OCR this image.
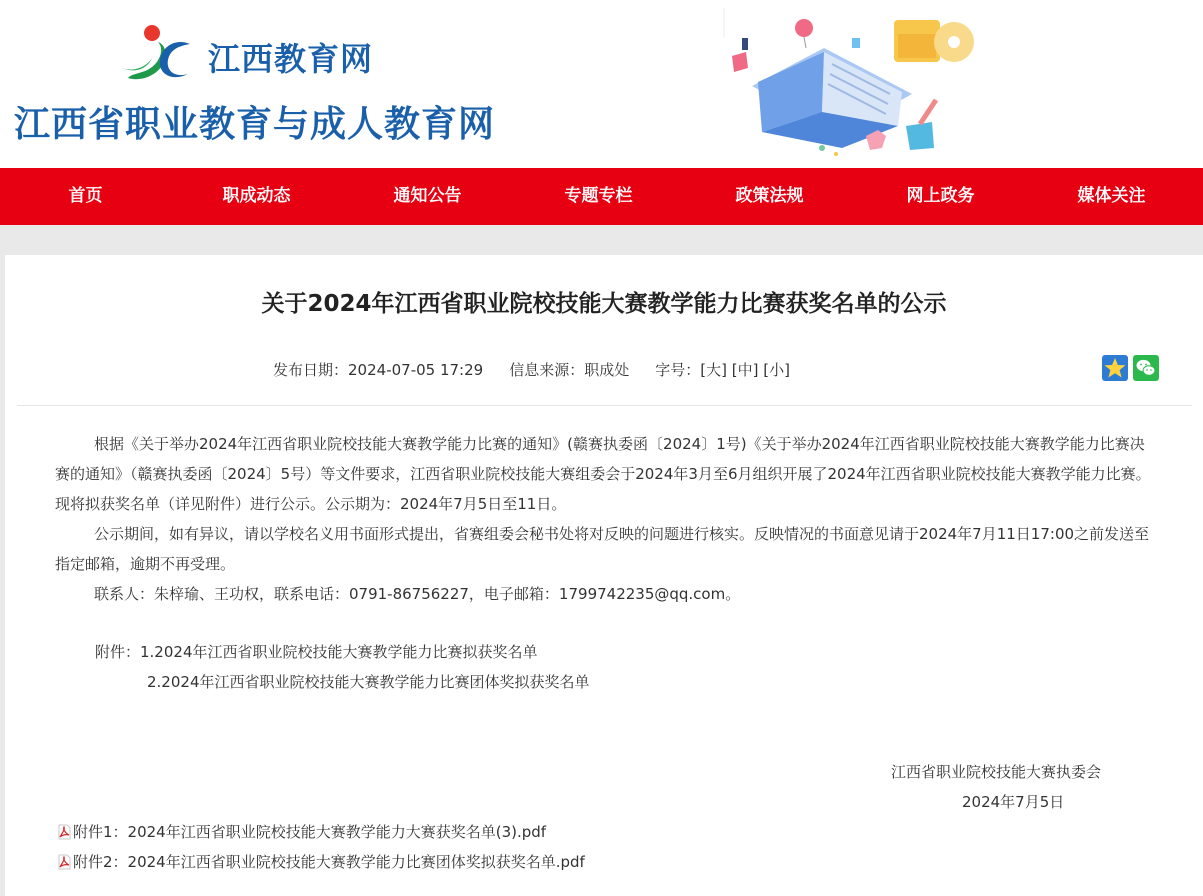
江西教育网
江西省职业教育与成人教育网
首页	职成动态	通知公告	专题专栏	政策法规	网上政务	媒体关注
关于2024年江西省职业院校技能大赛教学能力比赛获奖名单的公示
发布日期：2024-07-05 17:29 信息来源：职成处 字号：[大] [中] [小]

根据《关于举办2024年江西省职业院校技能大赛教学能力比赛的通知》(赣赛执委函〔2024〕1号)《关于举办2024年江西省职业院校技能大赛教学能力比赛决赛的通知》（赣赛执委函〔2024〕5号）等文件要求，江西省职业院校技能大赛组委会于2024年3月至6月组织开展了2024年江西省职业院校技能大赛教学能力比赛。现将拟获奖名单（详见附件）进行公示。公示期为：2024年7月5日至11日。

公示期间，如有异议，请以学校名义用书面形式提出，省赛组委会秘书处将对反映的问题进行核实。反映情况的书面意见请于2024年7月11日17:00之前发送至指定邮箱，逾期不再受理。

联系人：朱梓瑜、王功权，联系电话：0791-86756227，电子邮箱：1799742235@qq.com。

附件：1.2024年江西省职业院校技能大赛教学能力比赛拟获奖名单
2.2024年江西省职业院校技能大赛教学能力比赛团体奖拟获奖名单
江西省职业院校技能大赛执委会
2024年7月5日
附件1：2024年江西省职业院校技能大赛教学能力大赛获奖名单(3).pdf
附件2：2024年江西省职业院校技能大赛教学能力比赛团体奖拟获奖名单.pdf
